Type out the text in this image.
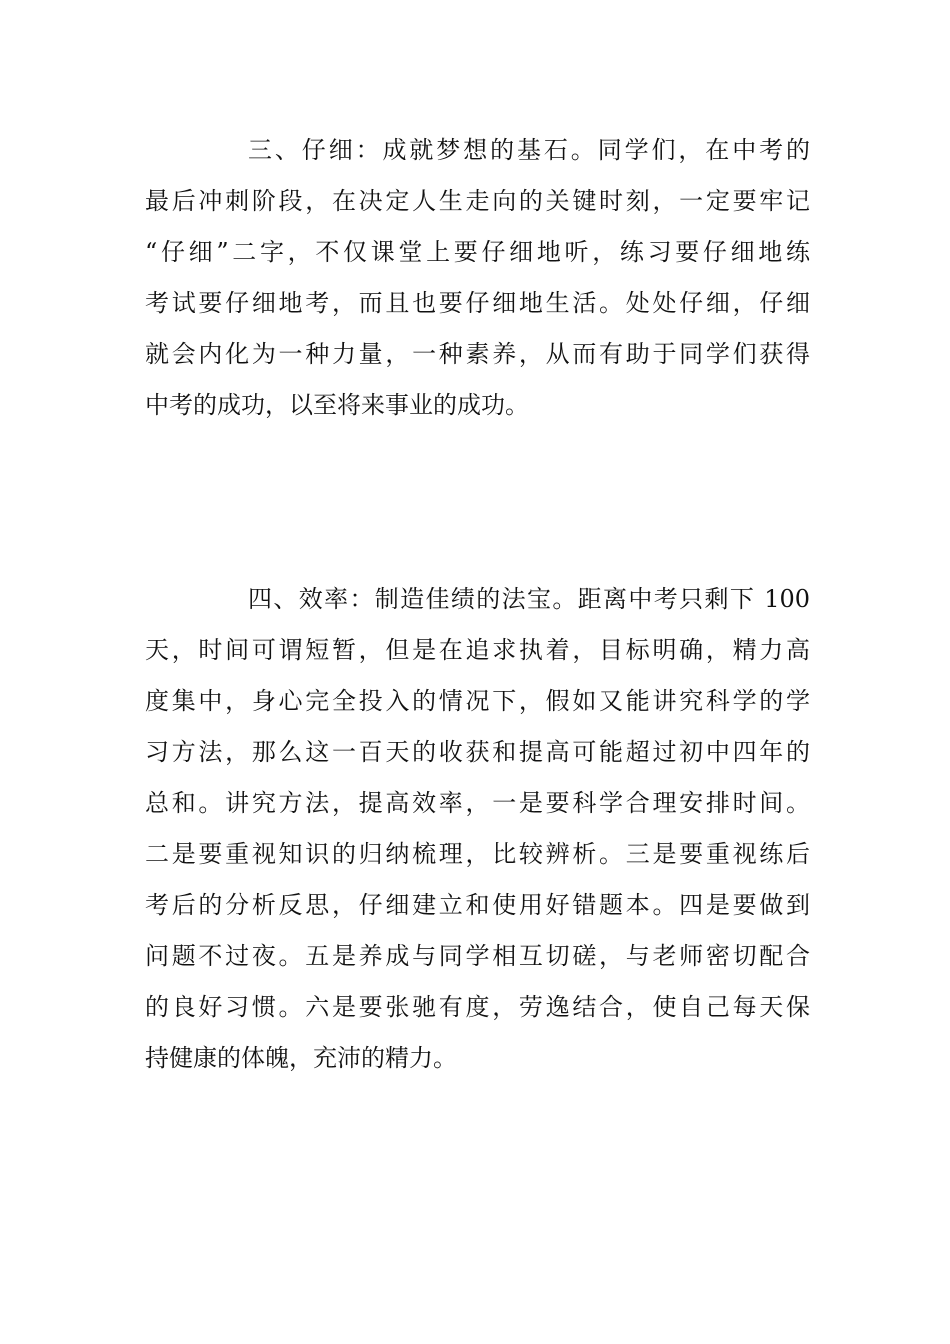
三、仔细：成就梦想的基石。同学们，在中考的
最后冲刺阶段，在决定人生走向的关键时刻，一定要牢记
“仔细”二字，不仅课堂上要仔细地听，练习要仔细地练
考试要仔细地考，而且也要仔细地生活。处处仔细，仔细
就会内化为一种力量，一种素养，从而有助于同学们获得
中考的成功，以至将来事业的成功。
四、效率：制造佳绩的法宝。距离中考只剩下 100
天，时间可谓短暂，但是在追求执着，目标明确，精力高
度集中，身心完全投入的情况下，假如又能讲究科学的学
习方法，那么这一百天的收获和提高可能超过初中四年的
总和。讲究方法，提高效率，一是要科学合理安排时间。
二是要重视知识的归纳梳理，比较辨析。三是要重视练后
考后的分析反思，仔细建立和使用好错题本。四是要做到
问题不过夜。五是养成与同学相互切磋，与老师密切配合
的良好习惯。六是要张驰有度，劳逸结合，使自己每天保
持健康的体魄，充沛的精力。
